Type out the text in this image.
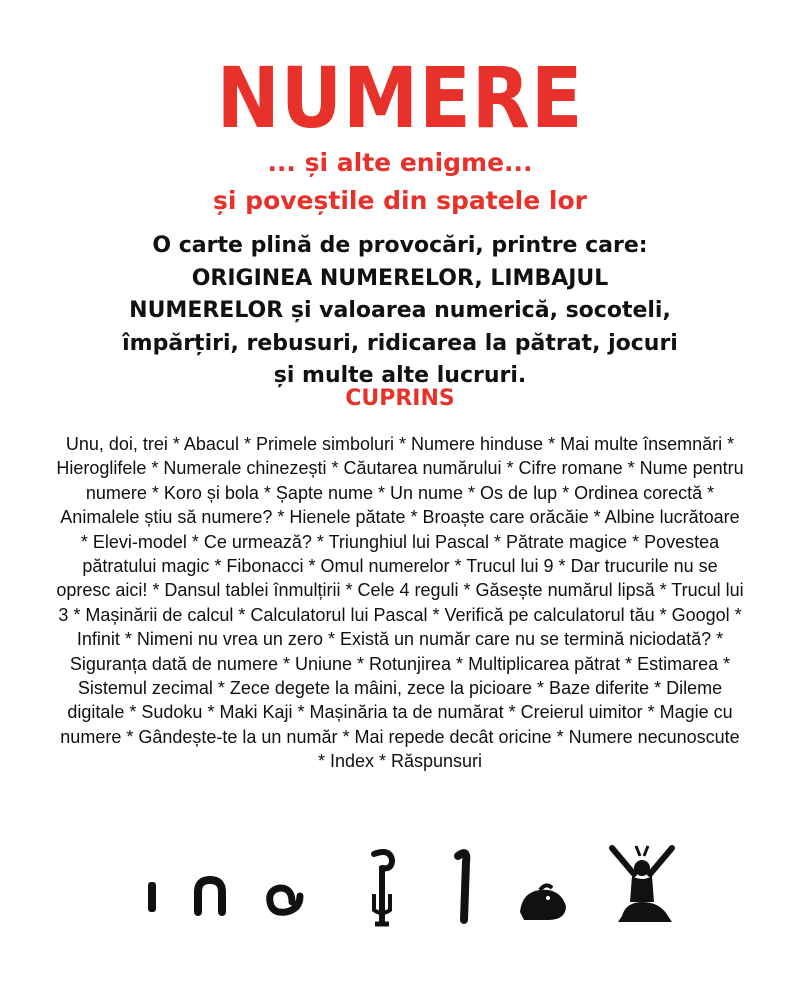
NUMERE
... și alte enigme...
și poveștile din spatele lor
O carte plină de provocări, printre care: ORIGINEA NUMERELOR, LIMBAJUL NUMERELOR și valoarea numerică, socoteli, împărțiri, rebusuri, ridicarea la pătrat, jocuri și multe alte lucruri.
CUPRINS
Unu, doi, trei * Abacul * Primele simboluri * Numere hinduse * Mai multe însemnări * Hieroglifele * Numerale chinezești * Căutarea numărului * Cifre romane * Nume pentru numere * Koro și bola * Șapte nume * Un nume * Os de lup * Ordinea corectă * Animalele știu să numere? * Hienele pătate * Broaște care orăcăie * Albine lucrătoare * Elevi-model * Ce urmează? * Triunghiul lui Pascal * Pătrate magice * Povestea pătratului magic * Fibonacci * Omul numerelor * Trucul lui 9 * Dar trucurile nu se opresc aici! * Dansul tablei înmulțirii * Cele 4 reguli * Găsește numărul lipsă * Trucul lui 3 * Mașinării de calcul * Calculatorul lui Pascal * Verifică pe calculatorul tău * Googol * Infinit * Nimeni nu vrea un zero * Există un număr care nu se termină niciodată? * Siguranța dată de numere * Uniune * Rotunjirea * Multiplicarea pătrat * Estimarea * Sistemul zecimal * Zece degete la mâini, zece la picioare * Baze diferite * Dileme digitale * Sudoku * Maki Kaji * Mașinăria ta de numărat * Creierul uimitor * Magie cu numere * Gândește-te la un număr * Mai repede decât oricine * Numere necunoscute * Index * Răspunsuri
